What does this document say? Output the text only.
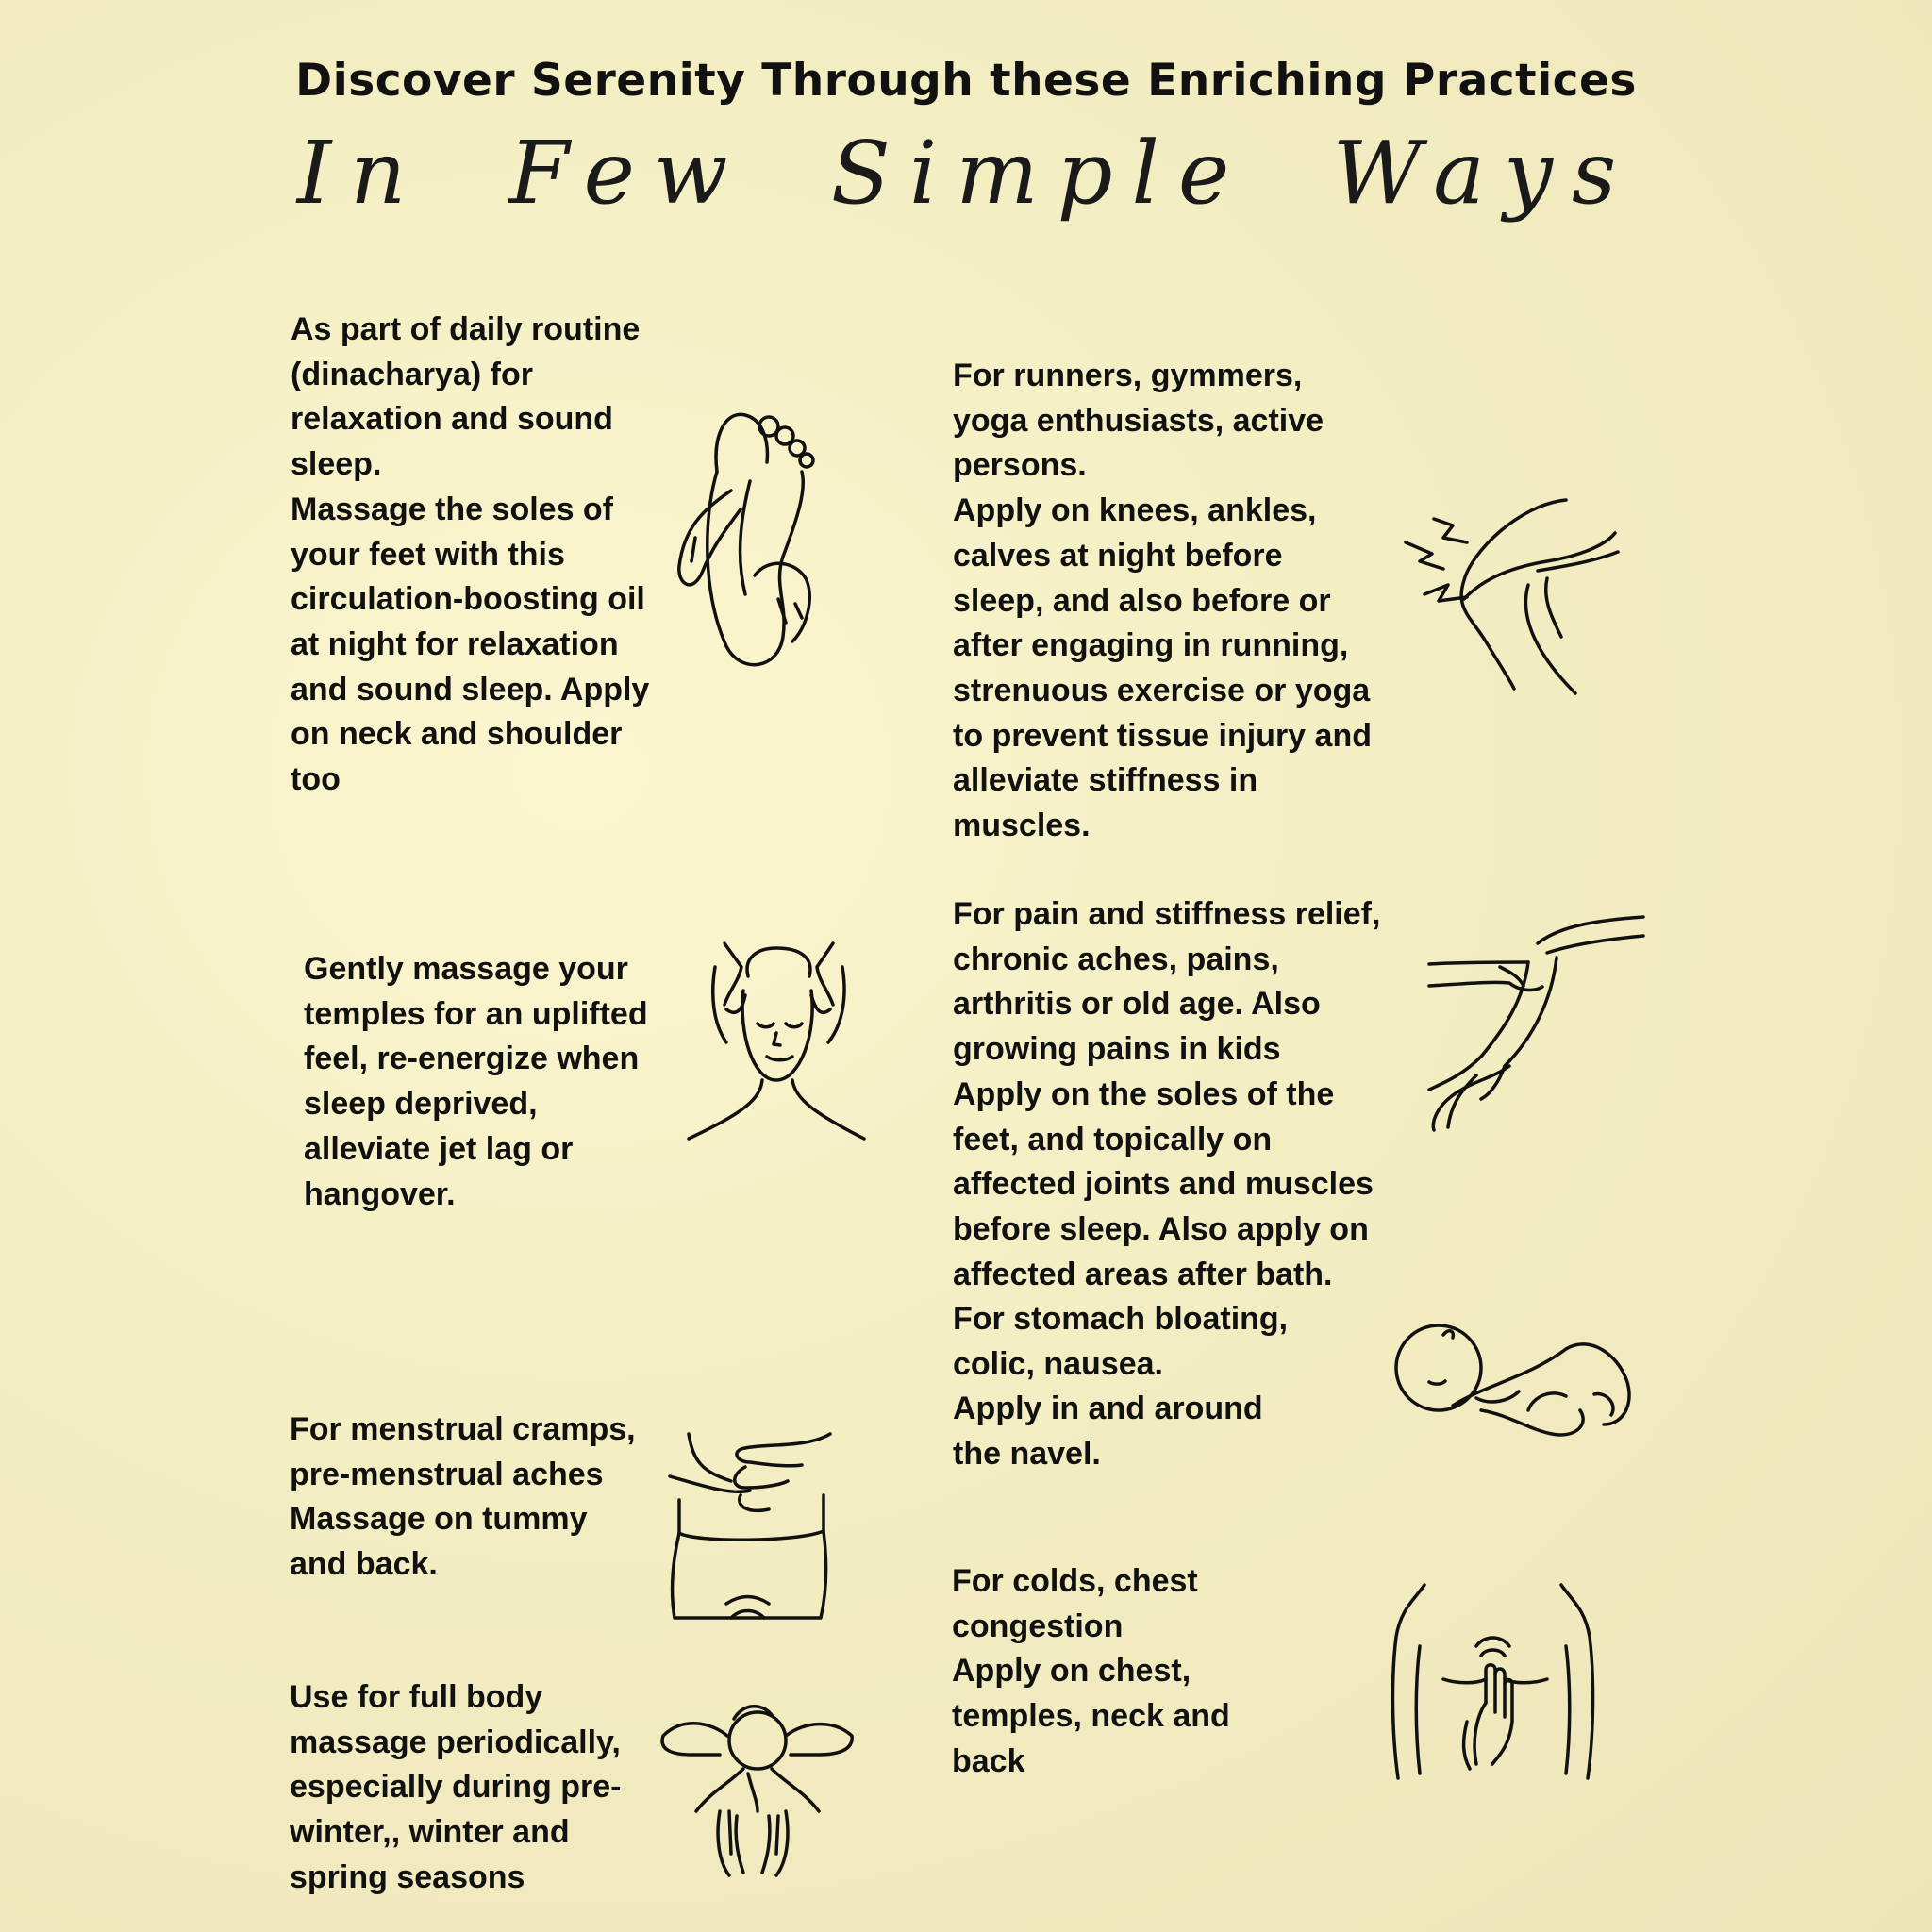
Discover Serenity Through these Enriching Practices
In Few Simple Ways
As part of daily routine
(dinacharya) for
relaxation and sound
sleep.
Massage the soles of
your feet with this
circulation-boosting oil
at night for relaxation
and sound sleep. Apply
on neck and shoulder
too
For runners, gymmers,
yoga enthusiasts, active
persons.
Apply on knees, ankles,
calves at night before
sleep, and also before or
after engaging in running,
strenuous exercise or yoga
to prevent tissue injury and
alleviate stiffness in
muscles.
Gently massage your
temples for an uplifted
feel, re-energize when
sleep deprived,
alleviate jet lag or
hangover.
For pain and stiffness relief,
chronic aches, pains,
arthritis or old age. Also
growing pains in kids
Apply on the soles of the
feet, and topically on
affected joints and muscles
before sleep. Also apply on
affected areas after bath.
For stomach bloating,
colic, nausea.
Apply in and around
the navel.
For menstrual cramps,
pre-menstrual aches
Massage on tummy
and back.	For colds, chest
congestion
Apply on chest,
temples, neck and
back
Use for full body
massage periodically,
especially during pre-
winter,, winter and
spring seasons
